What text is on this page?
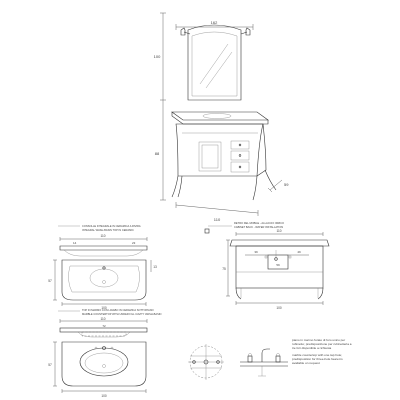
162
100
88
59
110
CONSOLLE INTEGRALE IN CERAMICA A RIVIRA
INTEGRAL WASH-BASIN TOP IN CERAMIC
110
14	23
57
13
100
RETRO DEL MOBILE - ALLACCIO IDRICO
CABINET BACK - WATER INSTALLATION
110
75
39	49
59
100
TOP IN MARMO CON LAVABO IN CERAMICA SOTTOPIANO
MARBLE COUNTERTOP WITH UNDER FILL CAVITY WASH-BASIN
110
72
57
100
piano in marmo forato di foro unico per rubinetto; predisposizione per rubinetteria a tre fori disponibile a richiesta
marble countertop with one tap hole; predisposition for three-hole faucet is available on request
